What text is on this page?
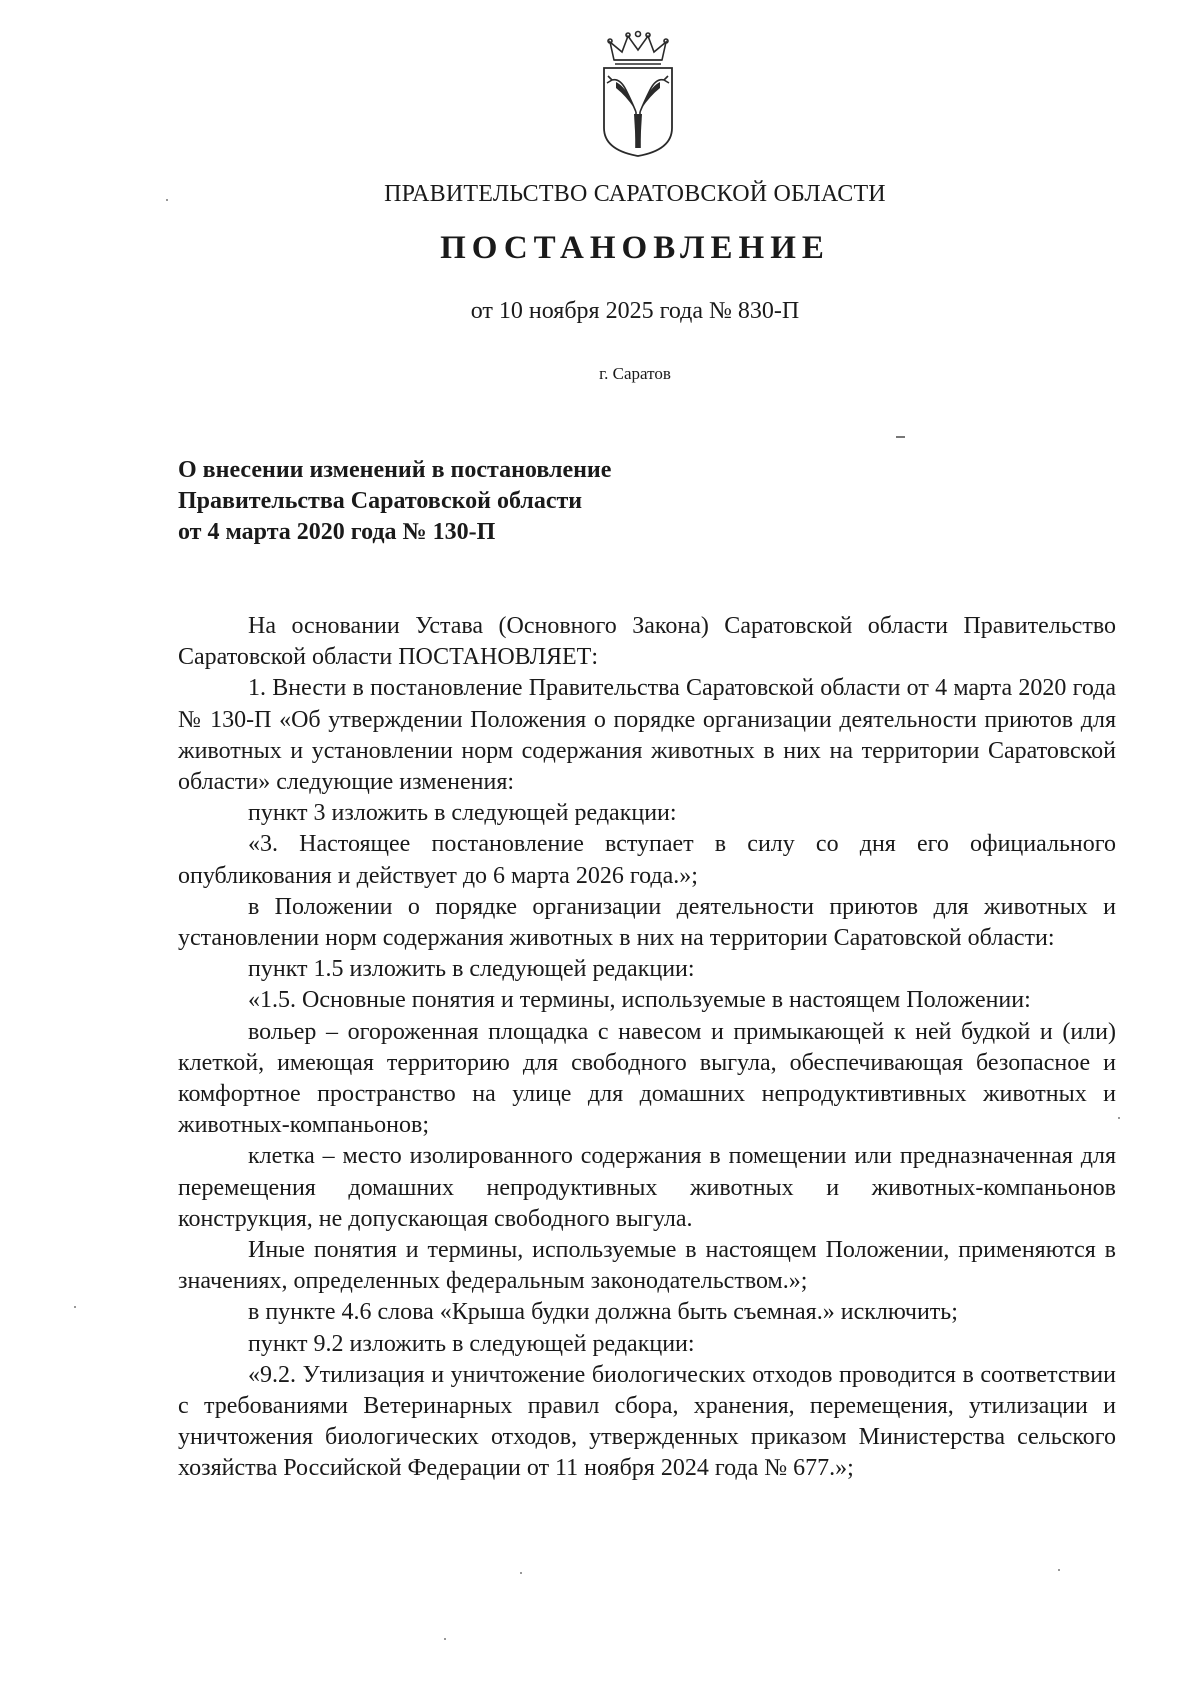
ПРАВИТЕЛЬСТВО САРАТОВСКОЙ ОБЛАСТИ
ПОСТАНОВЛЕНИЕ
от 10 ноября 2025 года № 830-П
г. Саратов
О внесении изменений в постановление
Правительства Саратовской области
от 4 марта 2020 года № 130-П

На основании Устава (Основного Закона) Саратовской области Правительство Саратовской области ПОСТАНОВЛЯЕТ:

1. Внести в постановление Правительства Саратовской области от 4 марта 2020 года № 130-П «Об утверждении Положения о порядке организации деятельности приютов для животных и установлении норм содержания животных в них на территории Саратовской области» следующие изменения:

пункт 3 изложить в следующей редакции:

«3. Настоящее постановление вступает в силу со дня его официального опубликования и действует до 6 марта 2026 года.»;

в Положении о порядке организации деятельности приютов для животных и установлении норм содержания животных в них на территории Саратовской области:

пункт 1.5 изложить в следующей редакции:

«1.5. Основные понятия и термины, используемые в настоящем Положении:

вольер – огороженная площадка с навесом и примыкающей к ней будкой и (или) клеткой, имеющая территорию для свободного выгула, обеспечивающая безопасное и комфортное пространство на улице для домашних непродуктивтивных животных и животных-компаньонов;

клетка – место изолированного содержания в помещении или предназначенная для перемещения домашних непродуктивных животных и животных-компаньонов конструкция, не допускающая свободного выгула.

Иные понятия и термины, используемые в настоящем Положении, применяются в значениях, определенных федеральным законодательством.»;

в пункте 4.6 слова «Крыша будки должна быть съемная.» исключить;

пункт 9.2 изложить в следующей редакции:

«9.2. Утилизация и уничтожение биологических отходов проводится в соответствии с требованиями Ветеринарных правил сбора, хранения, перемещения, утилизации и уничтожения биологических отходов, утвержденных приказом Министерства сельского хозяйства Российской Федерации от 11 ноября 2024 года № 677.»;
